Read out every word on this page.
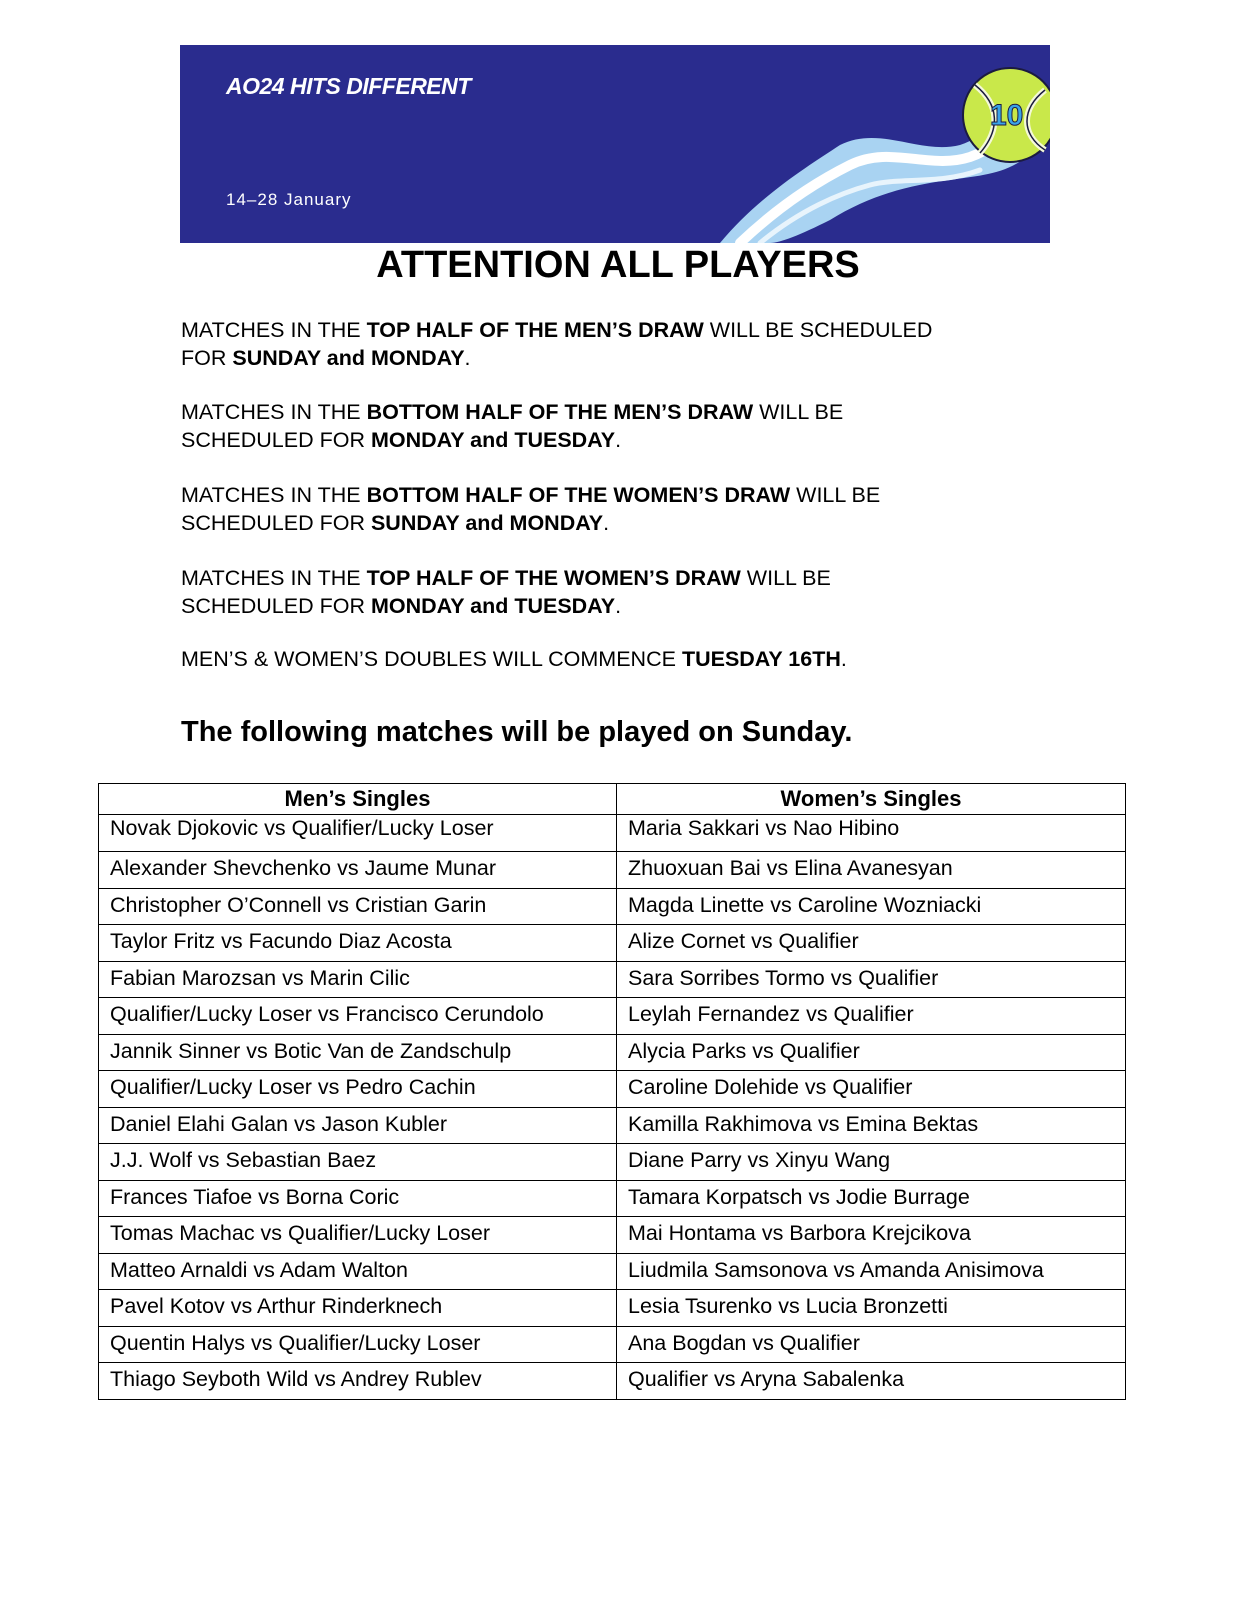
AO24 HITS DIFFERENT
14–28 January
10
ATTENTION ALL PLAYERS
MATCHES IN THE TOP HALF OF THE MEN’S DRAW WILL BE SCHEDULED
FOR SUNDAY and MONDAY.
MATCHES IN THE BOTTOM HALF OF THE MEN’S DRAW WILL BE
SCHEDULED FOR MONDAY and TUESDAY.
MATCHES IN THE BOTTOM HALF OF THE WOMEN’S DRAW WILL BE
SCHEDULED FOR SUNDAY and MONDAY.
MATCHES IN THE TOP HALF OF THE WOMEN’S DRAW WILL BE
SCHEDULED FOR MONDAY and TUESDAY.
MEN’S & WOMEN’S DOUBLES WILL COMMENCE TUESDAY 16TH.
The following matches will be played on Sunday.
Men’s Singles	Women’s Singles
Novak Djokovic vs Qualifier/Lucky Loser	Maria Sakkari vs Nao Hibino
Alexander Shevchenko vs Jaume Munar	Zhuoxuan Bai vs Elina Avanesyan
Christopher O’Connell vs Cristian Garin	Magda Linette vs Caroline Wozniacki
Taylor Fritz vs Facundo Diaz Acosta	Alize Cornet vs Qualifier
Fabian Marozsan vs Marin Cilic	Sara Sorribes Tormo vs Qualifier
Qualifier/Lucky Loser vs Francisco Cerundolo	Leylah Fernandez vs Qualifier
Jannik Sinner vs Botic Van de Zandschulp	Alycia Parks vs Qualifier
Qualifier/Lucky Loser vs Pedro Cachin	Caroline Dolehide vs Qualifier
Daniel Elahi Galan vs Jason Kubler	Kamilla Rakhimova vs Emina Bektas
J.J. Wolf vs Sebastian Baez	Diane Parry vs Xinyu Wang
Frances Tiafoe vs Borna Coric	Tamara Korpatsch vs Jodie Burrage
Tomas Machac vs Qualifier/Lucky Loser	Mai Hontama vs Barbora Krejcikova
Matteo Arnaldi vs Adam Walton	Liudmila Samsonova vs Amanda Anisimova
Pavel Kotov vs Arthur Rinderknech	Lesia Tsurenko vs Lucia Bronzetti
Quentin Halys vs Qualifier/Lucky Loser	Ana Bogdan vs Qualifier
Thiago Seyboth Wild vs Andrey Rublev	Qualifier vs Aryna Sabalenka
